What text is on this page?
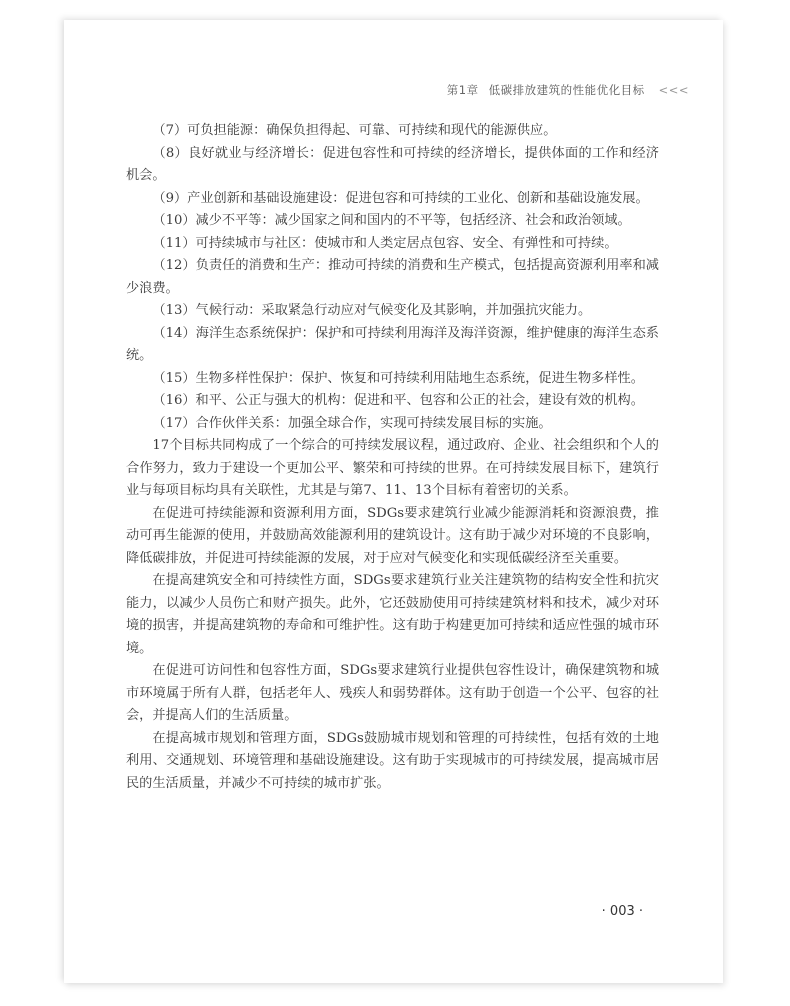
第1章 低碳排放建筑的性能优化目标 <<<

（7）可负担能源：确保负担得起、可靠、可持续和现代的能源供应。

（8）良好就业与经济增长：促进包容性和可持续的经济增长，提供体面的工作和经济机会。

（9）产业创新和基础设施建设：促进包容和可持续的工业化、创新和基础设施发展。

（10）减少不平等：减少国家之间和国内的不平等，包括经济、社会和政治领域。

（11）可持续城市与社区：使城市和人类定居点包容、安全、有弹性和可持续。

（12）负责任的消费和生产：推动可持续的消费和生产模式，包括提高资源利用率和减少浪费。

（13）气候行动：采取紧急行动应对气候变化及其影响，并加强抗灾能力。

（14）海洋生态系统保护：保护和可持续利用海洋及海洋资源，维护健康的海洋生态系统。

（15）生物多样性保护：保护、恢复和可持续利用陆地生态系统，促进生物多样性。

（16）和平、公正与强大的机构：促进和平、包容和公正的社会，建设有效的机构。

（17）合作伙伴关系：加强全球合作，实现可持续发展目标的实施。

17个目标共同构成了一个综合的可持续发展议程，通过政府、企业、社会组织和个人的合作努力，致力于建设一个更加公平、繁荣和可持续的世界。在可持续发展目标下，建筑行业与每项目标均具有关联性，尤其是与第7、11、13个目标有着密切的关系。

在促进可持续能源和资源利用方面，SDGs要求建筑行业减少能源消耗和资源浪费，推动可再生能源的使用，并鼓励高效能源利用的建筑设计。这有助于减少对环境的不良影响，降低碳排放，并促进可持续能源的发展，对于应对气候变化和实现低碳经济至关重要。

在提高建筑安全和可持续性方面，SDGs要求建筑行业关注建筑物的结构安全性和抗灾能力，以减少人员伤亡和财产损失。此外，它还鼓励使用可持续建筑材料和技术，减少对环境的损害，并提高建筑物的寿命和可维护性。这有助于构建更加可持续和适应性强的城市环境。

在促进可访问性和包容性方面，SDGs要求建筑行业提供包容性设计，确保建筑物和城市环境属于所有人群，包括老年人、残疾人和弱势群体。这有助于创造一个公平、包容的社会，并提高人们的生活质量。

在提高城市规划和管理方面，SDGs鼓励城市规划和管理的可持续性，包括有效的土地利用、交通规划、环境管理和基础设施建设。这有助于实现城市的可持续发展，提高城市居民的生活质量，并减少不可持续的城市扩张。

· 003 ·
